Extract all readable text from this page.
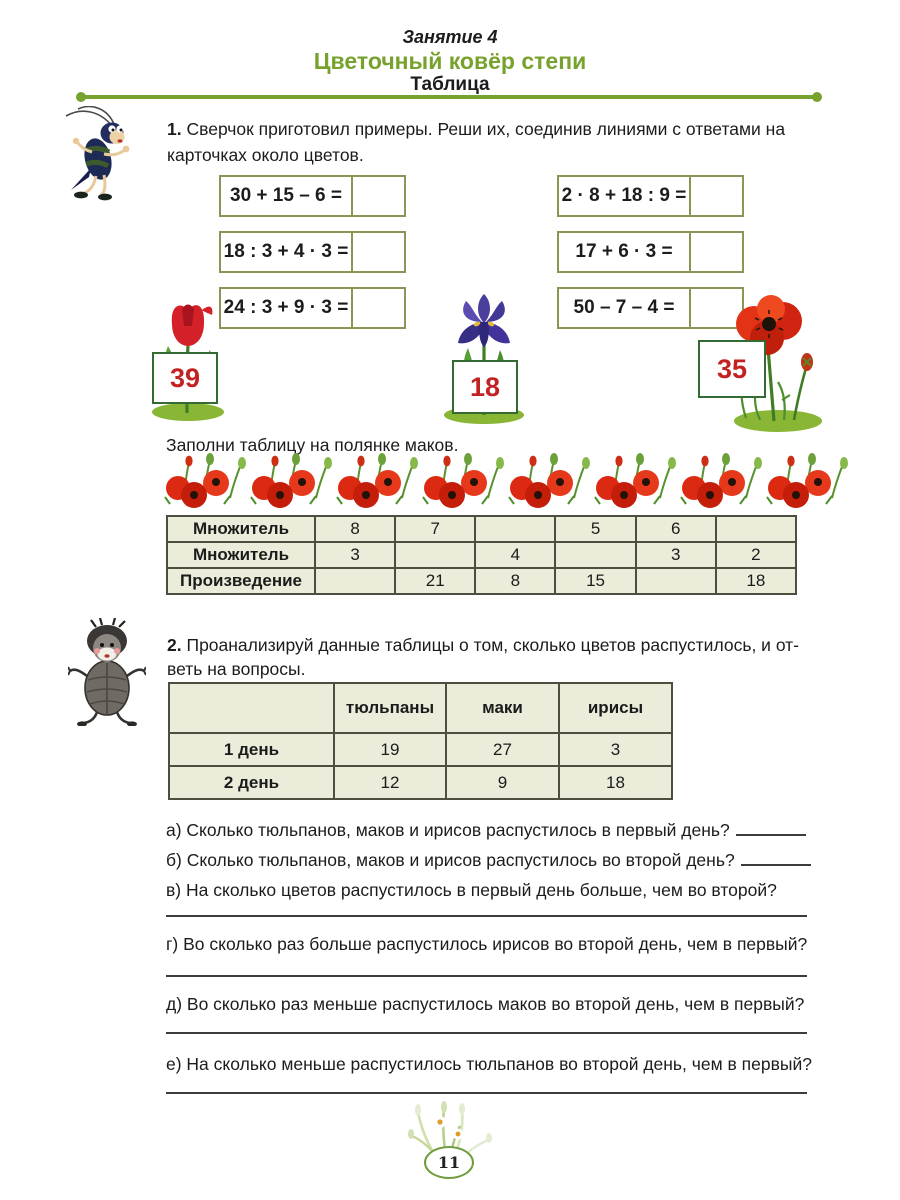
Занятие 4
Цветочный ковёр степи
Таблица
1. Сверчок приготовил примеры. Реши их, соединив линиями с ответами на
карточках около цветов.
30 + 15 – 6 =	2 · 8 + 18 : 9 =
18 : 3 + 4 · 3 =	17 + 6 · 3 =
24 : 3 + 9 · 3 =	50 – 7 – 4 =
39	18
35
Заполни таблицу на полянке маков.
Множитель	8	7		5	6	
Множитель	3		4		3	2
Произведение		21	8	15		18
2. Проанализируй данные таблицы о том, сколько цветов распустилось, и от-
веть на вопросы.
	тюльпаны	маки	ирисы
1 день	19	27	3
2 день	12	9	18
а) Сколько тюльпанов, маков и ирисов распустилось в первый день?
б) Сколько тюльпанов, маков и ирисов распустилось во второй день?
в) На сколько цветов распустилось в первый день больше, чем во второй?
г) Во сколько раз больше распустилось ирисов во второй день, чем в первый?
д) Во сколько раз меньше распустилось маков во второй день, чем в первый?
е) На сколько меньше распустилось тюльпанов во второй день, чем в первый?
11
